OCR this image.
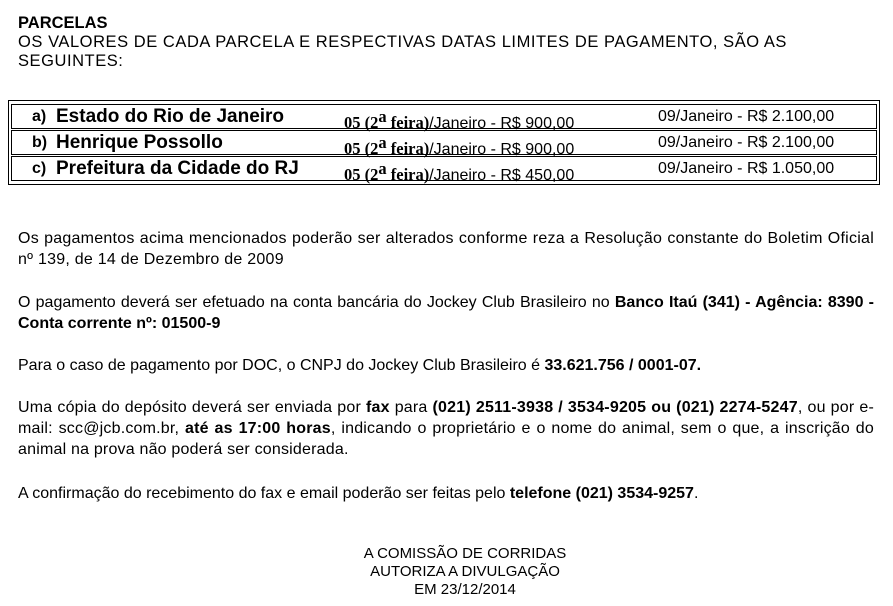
PARCELAS
OS VALORES DE CADA PARCELA E RESPECTIVAS DATAS LIMITES DE PAGAMENTO, SÃO AS
SEGUINTES:
a) Estado do Rio de Janeiro	05 (2$^a$ feira)/Janeiro - R$ 900,00	09/Janeiro - R$ 2.100,00
b) Henrique Possollo	05 (2$^a$ feira)/Janeiro - R$ 900,00	09/Janeiro - R$ 2.100,00
c) Prefeitura da Cidade do RJ	05 (2$^a$ feira)/Janeiro - R$ 450,00	09/Janeiro - R$ 1.050,00
Os pagamentos acima mencionados poderão ser alterados conforme reza a Resolução constante do Boletim Oficial nº 139, de 14 de Dezembro de 2009
O pagamento deverá ser efetuado na conta bancária do Jockey Club Brasileiro no Banco Itaú (341) - Agência: 8390 - Conta corrente nº: 01500-9
Para o caso de pagamento por DOC, o CNPJ do Jockey Club Brasileiro é 33.621.756 / 0001-07.
Uma cópia do depósito deverá ser enviada por fax para (021) 2511-3938 / 3534-9205 ou (021) 2274-5247, ou por e-mail: scc@jcb.com.br, até as 17:00 horas, indicando o proprietário e o nome do animal, sem o que, a inscrição do animal na prova não poderá ser considerada.
A confirmação do recebimento do fax e email poderão ser feitas pelo telefone (021) 3534-9257.
A COMISSÃO DE CORRIDAS
AUTORIZA A DIVULGAÇÃO
EM 23/12/2014
